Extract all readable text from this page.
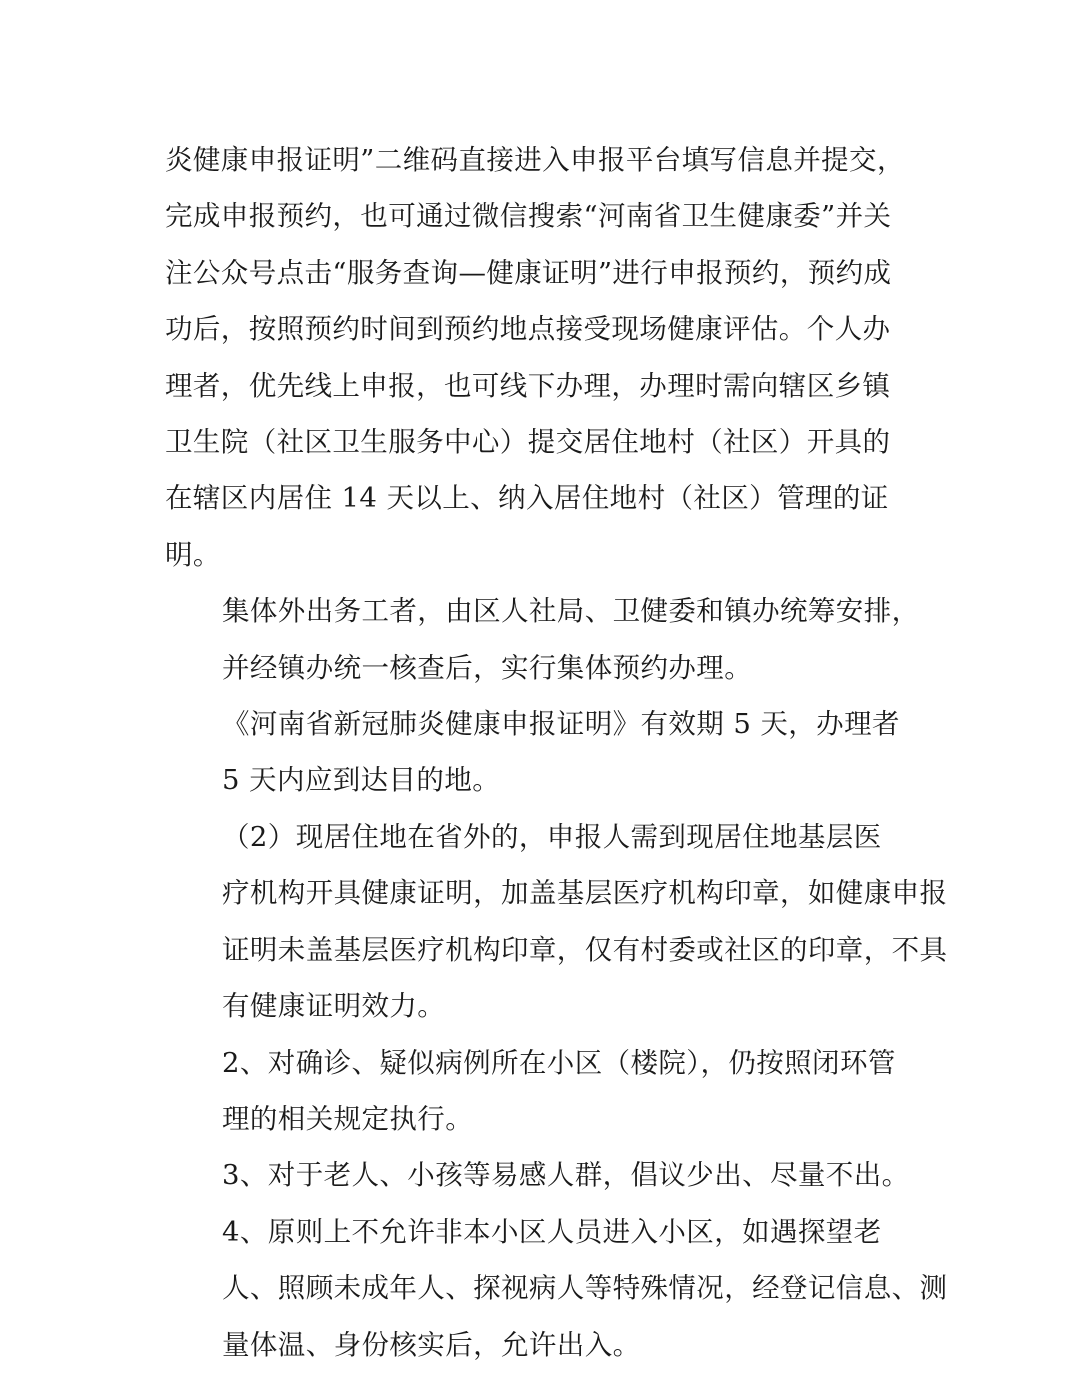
炎健康申报证明”二维码直接进入申报平台填写信息并提交，
完成申报预约，也可通过微信搜索“河南省卫生健康委”并关
注公众号点击“服务查询—健康证明”进行申报预约，预约成
功后，按照预约时间到预约地点接受现场健康评估。个人办
理者，优先线上申报，也可线下办理，办理时需向辖区乡镇
卫生院（社区卫生服务中心）提交居住地村（社区）开具的
在辖区内居住 14 天以上、纳入居住地村（社区）管理的证
明。

集体外出务工者，由区人社局、卫健委和镇办统筹安排，
并经镇办统一核查后，实行集体预约办理。

《河南省新冠肺炎健康申报证明》有效期 5 天，办理者
5 天内应到达目的地。

（2）现居住地在省外的，申报人需到现居住地基层医
疗机构开具健康证明，加盖基层医疗机构印章，如健康申报
证明未盖基层医疗机构印章，仅有村委或社区的印章，不具
有健康证明效力。

2、对确诊、疑似病例所在小区（楼院），仍按照闭环管
理的相关规定执行。

3、对于老人、小孩等易感人群，倡议少出、尽量不出。

4、原则上不允许非本小区人员进入小区，如遇探望老
人、照顾未成年人、探视病人等特殊情况，经登记信息、测
量体温、身份核实后，允许出入。
